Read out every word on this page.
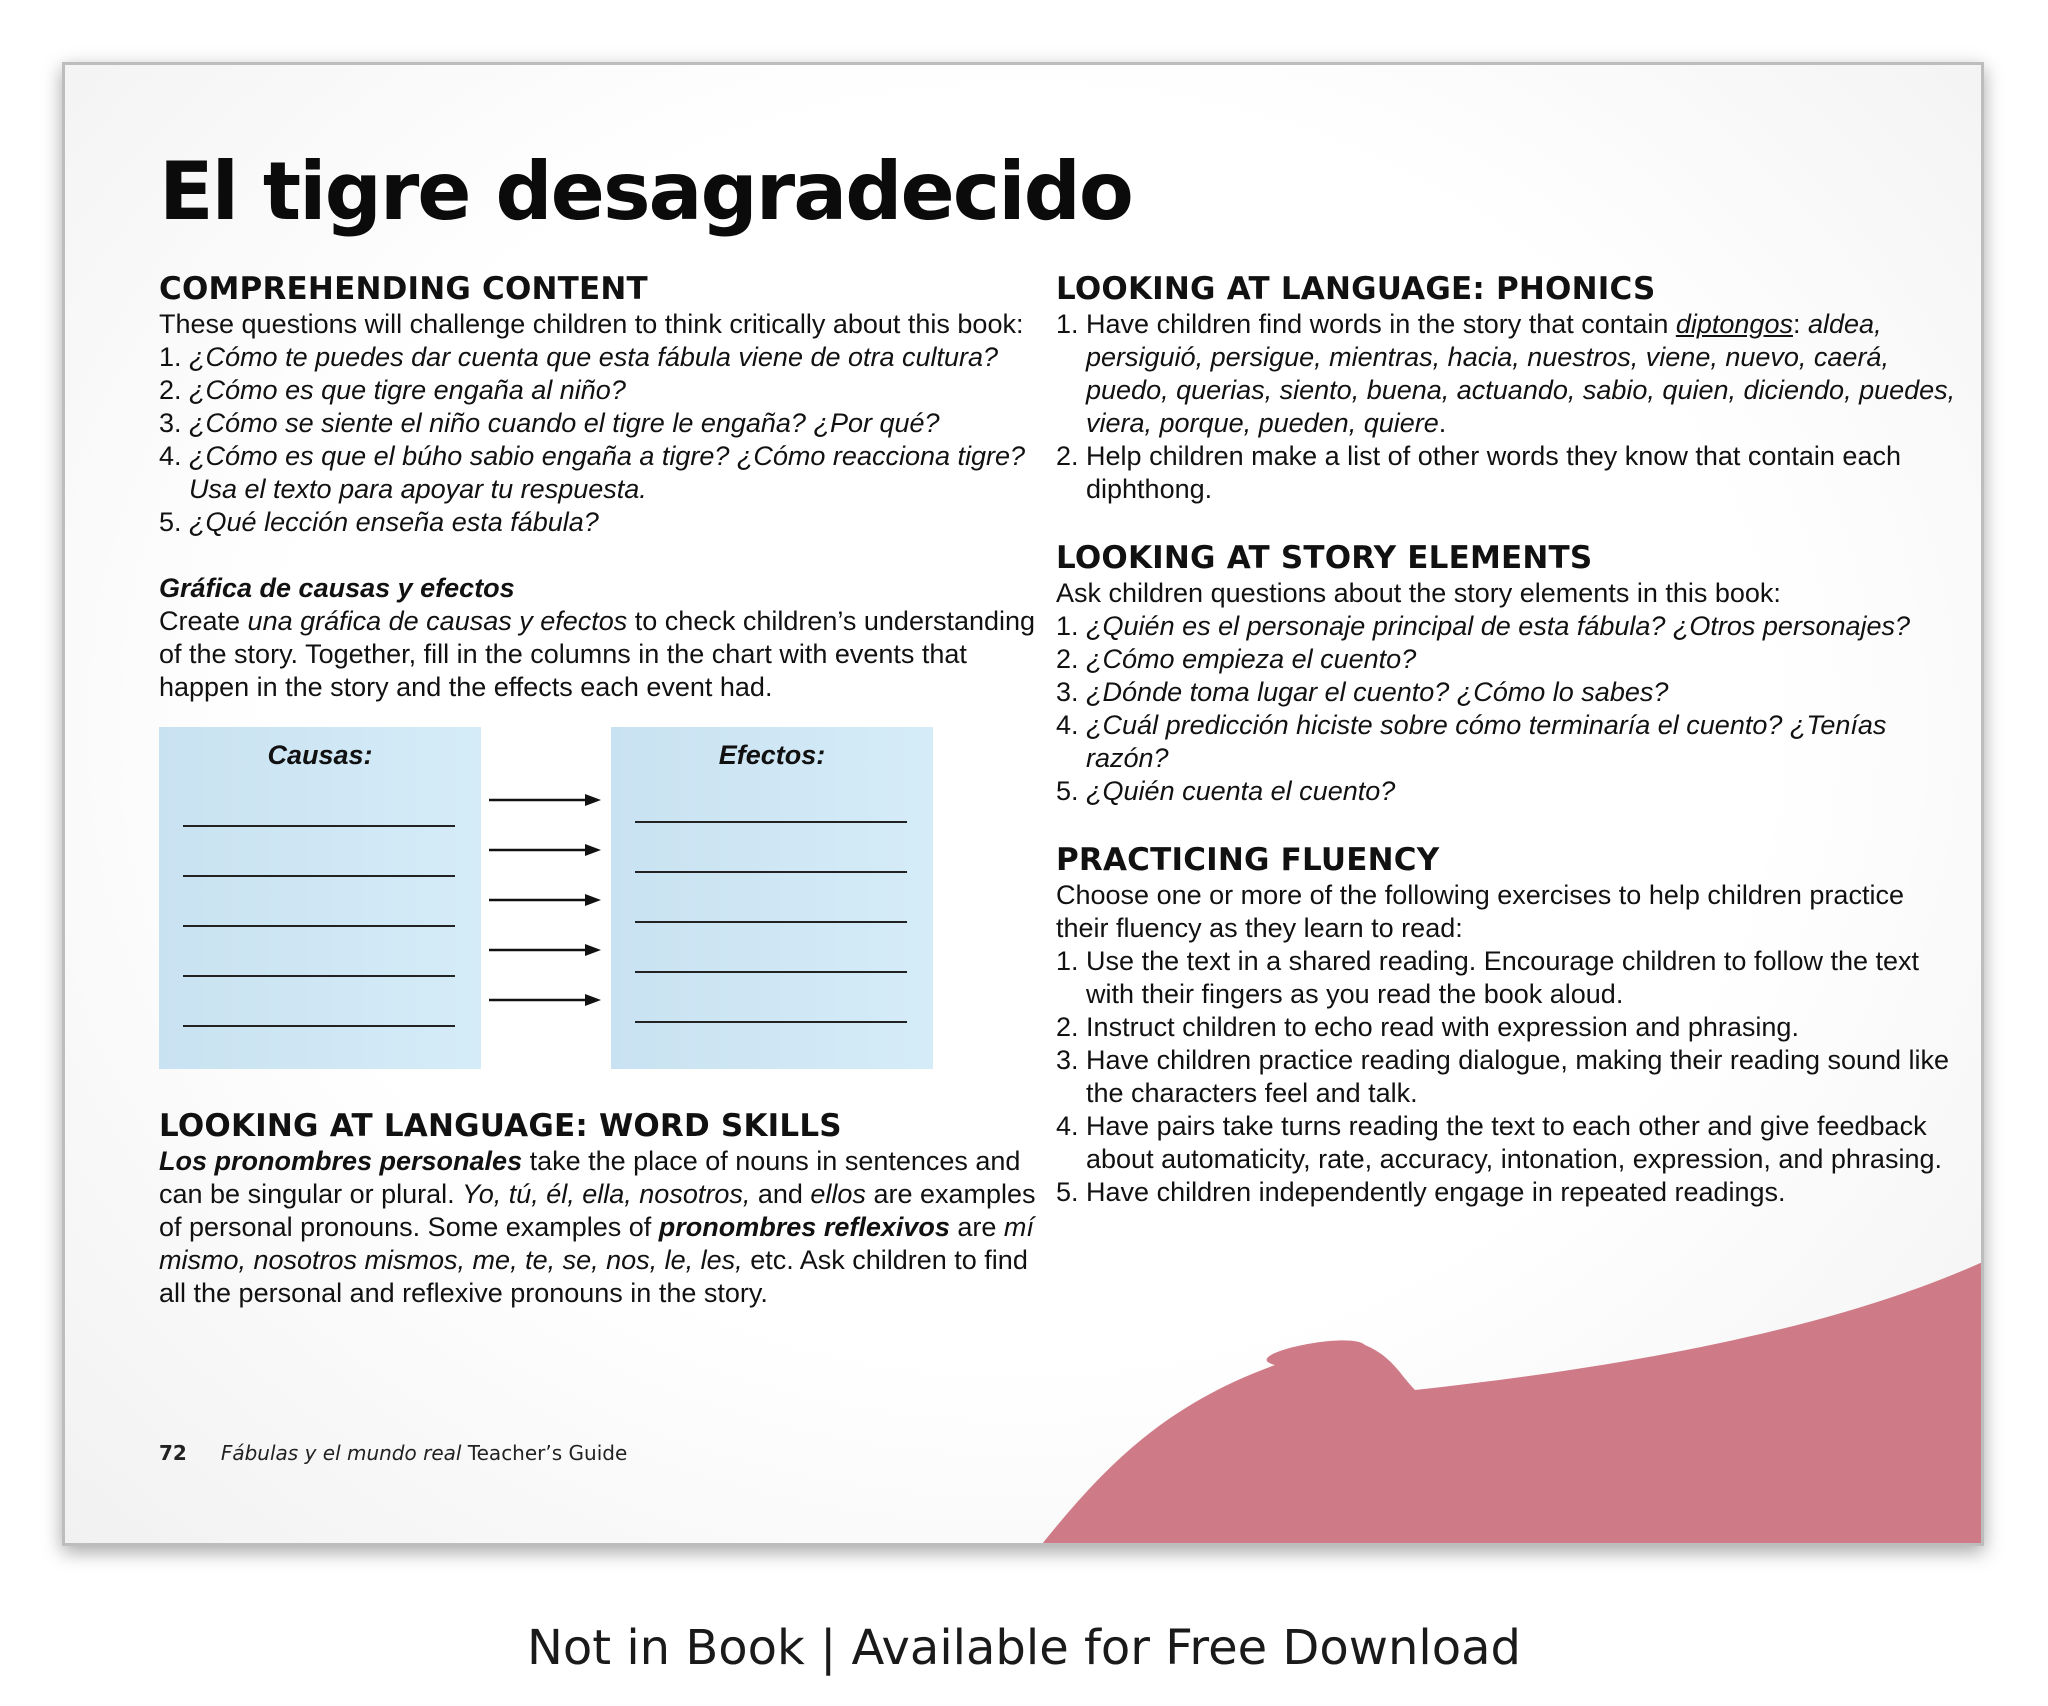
El tigre desagradecido
COMPREHENDING CONTENT

These questions will challenge children to think critically about this book:

1. ¿Cómo te puedes dar cuenta que esta fábula viene de otra cultura?
2. ¿Cómo es que tigre engaña al niño?
3. ¿Cómo se siente el niño cuando el tigre le engaña? ¿Por qué?
4. ¿Cómo es que el búho sabio engaña a tigre? ¿Cómo reacciona tigre? Usa el texto para apoyar tu respuesta.
5. ¿Qué lección enseña esta fábula?

Gráfica de causas y efectos

Create una gráfica de causas y efectos to check children’s understanding of the story. Together, fill in the columns in the chart with events that happen in the story and the effects each event had.

Causas:	Efectos:
LOOKING AT LANGUAGE: WORD SKILLS

Los pronombres personales take the place of nouns in sentences and can be singular or plural. Yo, tú, él, ella, nosotros, and ellos are examples of personal pronouns. Some examples of pronombres reflexivos are mí mismo, nosotros mismos, me, te, se, nos, le, les, etc. Ask children to find all the personal and reflexive pronouns in the story.

LOOKING AT LANGUAGE: PHONICS
1. Have children find words in the story that contain diptongos: aldea, persiguió, persigue, mientras, hacia, nuestros, viene, nuevo, caerá, puedo, querias, siento, buena, actuando, sabio, quien, diciendo, puedes, viera, porque, pueden, quiere.
2. Help children make a list of other words they know that contain each diphthong.
LOOKING AT STORY ELEMENTS

Ask children questions about the story elements in this book:

1. ¿Quién es el personaje principal de esta fábula? ¿Otros personajes?
2. ¿Cómo empieza el cuento?
3. ¿Dónde toma lugar el cuento? ¿Cómo lo sabes?
4. ¿Cuál predicción hiciste sobre cómo terminaría el cuento? ¿Tenías razón?
5. ¿Quién cuenta el cuento?
PRACTICING FLUENCY

Choose one or more of the following exercises to help children practice their fluency as they learn to read:

1. Use the text in a shared reading. Encourage children to follow the text with their fingers as you read the book aloud.
2. Instruct children to echo read with expression and phrasing.
3. Have children practice reading dialogue, making their reading sound like the characters feel and talk.
4. Have pairs take turns reading the text to each other and give feedback about automaticity, rate, accuracy, intonation, expression, and phrasing.
5. Have children independently engage in repeated readings.
72 Fábulas y el mundo real Teacher’s Guide
Not in Book | Available for Free Download
